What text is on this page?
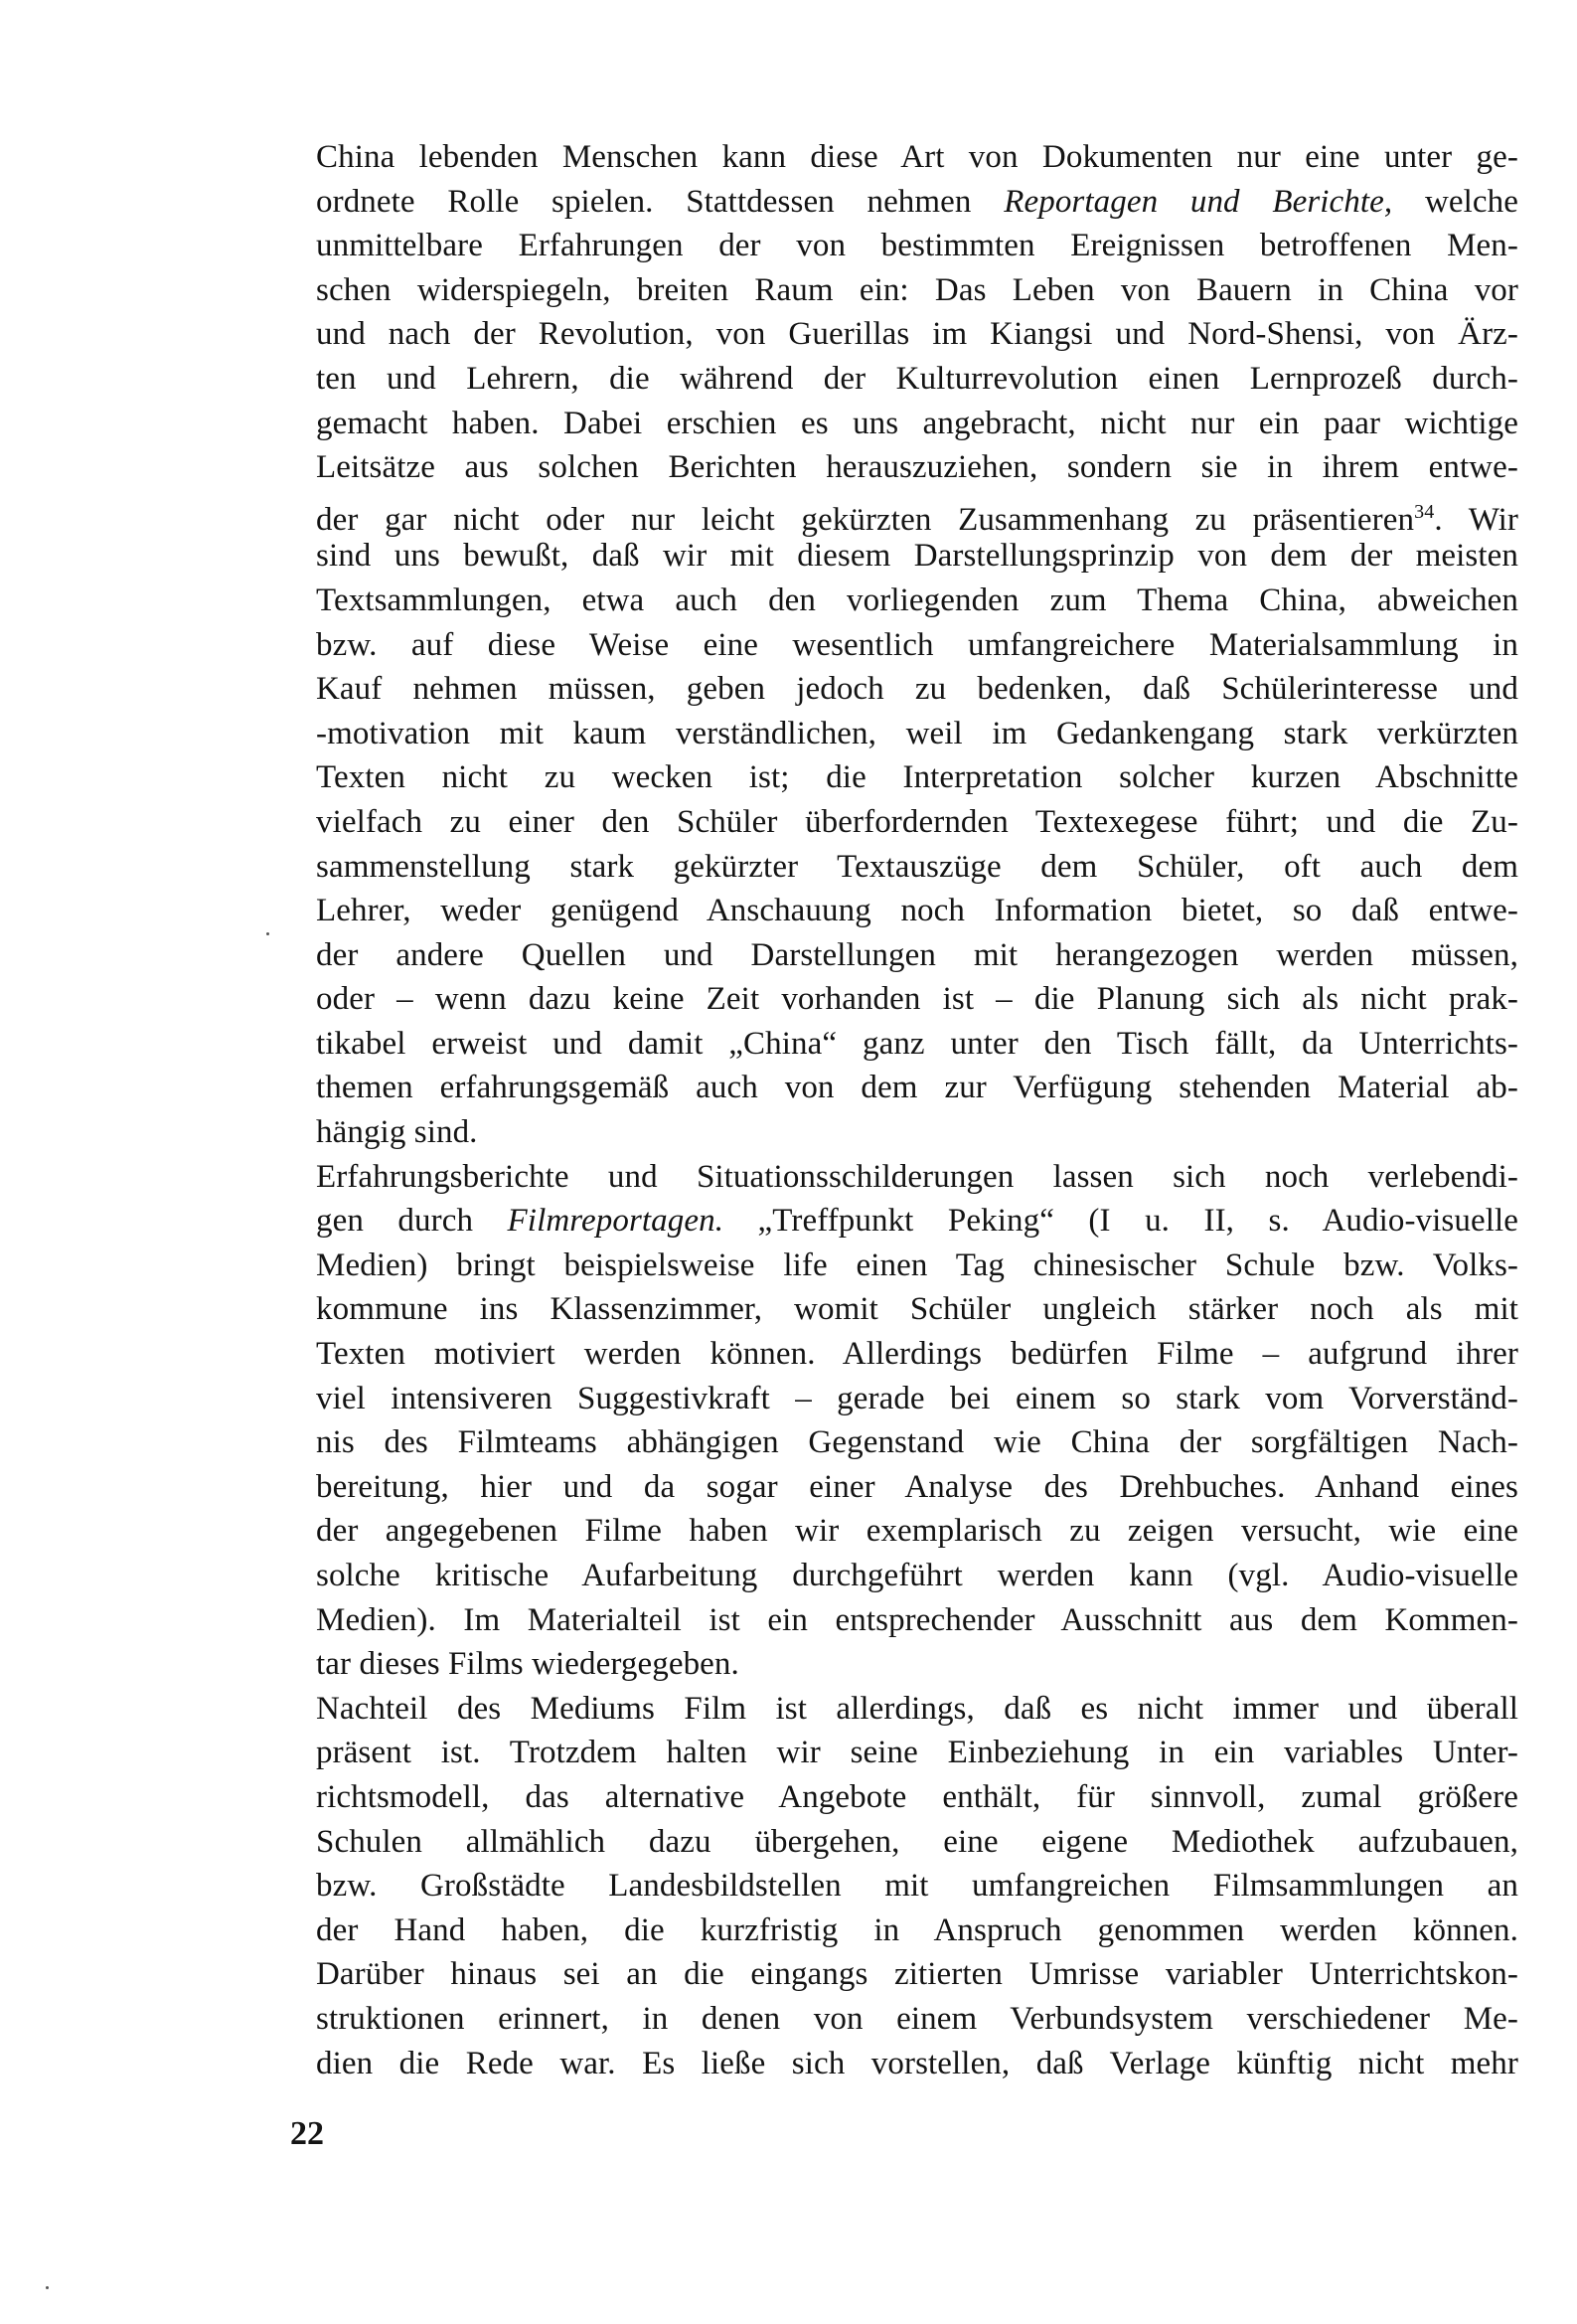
China lebenden Menschen kann diese Art von Dokumenten nur eine unter ge-
ordnete Rolle spielen. Stattdessen nehmen Reportagen und Berichte, welche
unmittelbare Erfahrungen der von bestimmten Ereignissen betroffenen Men-
schen widerspiegeln, breiten Raum ein: Das Leben von Bauern in China vor
und nach der Revolution, von Guerillas im Kiangsi und Nord-Shensi, von Ärz-
ten und Lehrern, die während der Kulturrevolution einen Lernprozeß durch-
gemacht haben. Dabei erschien es uns angebracht, nicht nur ein paar wichtige
Leitsätze aus solchen Berichten herauszuziehen, sondern sie in ihrem entwe-
der gar nicht oder nur leicht gekürzten Zusammenhang zu präsentieren$^{34}$. Wir
sind uns bewußt, daß wir mit diesem Darstellungsprinzip von dem der meisten
Textsammlungen, etwa auch den vorliegenden zum Thema China, abweichen
bzw. auf diese Weise eine wesentlich umfangreichere Materialsammlung in
Kauf nehmen müssen, geben jedoch zu bedenken, daß Schülerinteresse und
-motivation mit kaum verständlichen, weil im Gedankengang stark verkürzten
Texten nicht zu wecken ist; die Interpretation solcher kurzen Abschnitte
vielfach zu einer den Schüler überfordernden Textexegese führt; und die Zu-
sammenstellung stark gekürzter Textauszüge dem Schüler, oft auch dem
Lehrer, weder genügend Anschauung noch Information bietet, so daß entwe-
der andere Quellen und Darstellungen mit herangezogen werden müssen,
oder – wenn dazu keine Zeit vorhanden ist – die Planung sich als nicht prak-
tikabel erweist und damit „China“ ganz unter den Tisch fällt, da Unterrichts-
themen erfahrungsgemäß auch von dem zur Verfügung stehenden Material ab-
hängig sind.
Erfahrungsberichte und Situationsschilderungen lassen sich noch verlebendi-
gen durch Filmreportagen. „Treffpunkt Peking“ (I u. II, s. Audio-visuelle
Medien) bringt beispielsweise life einen Tag chinesischer Schule bzw. Volks-
kommune ins Klassenzimmer, womit Schüler ungleich stärker noch als mit
Texten motiviert werden können. Allerdings bedürfen Filme – aufgrund ihrer
viel intensiveren Suggestivkraft – gerade bei einem so stark vom Vorverständ-
nis des Filmteams abhängigen Gegenstand wie China der sorgfältigen Nach-
bereitung, hier und da sogar einer Analyse des Drehbuches. Anhand eines
der angegebenen Filme haben wir exemplarisch zu zeigen versucht, wie eine
solche kritische Aufarbeitung durchgeführt werden kann (vgl. Audio-visuelle
Medien). Im Materialteil ist ein entsprechender Ausschnitt aus dem Kommen-
tar dieses Films wiedergegeben.
Nachteil des Mediums Film ist allerdings, daß es nicht immer und überall
präsent ist. Trotzdem halten wir seine Einbeziehung in ein variables Unter-
richtsmodell, das alternative Angebote enthält, für sinnvoll, zumal größere
Schulen allmählich dazu übergehen, eine eigene Mediothek aufzubauen,
bzw. Großstädte Landesbildstellen mit umfangreichen Filmsammlungen an
der Hand haben, die kurzfristig in Anspruch genommen werden können.
Darüber hinaus sei an die eingangs zitierten Umrisse variabler Unterrichtskon-
struktionen erinnert, in denen von einem Verbundsystem verschiedener Me-
dien die Rede war. Es ließe sich vorstellen, daß Verlage künftig nicht mehr
22
